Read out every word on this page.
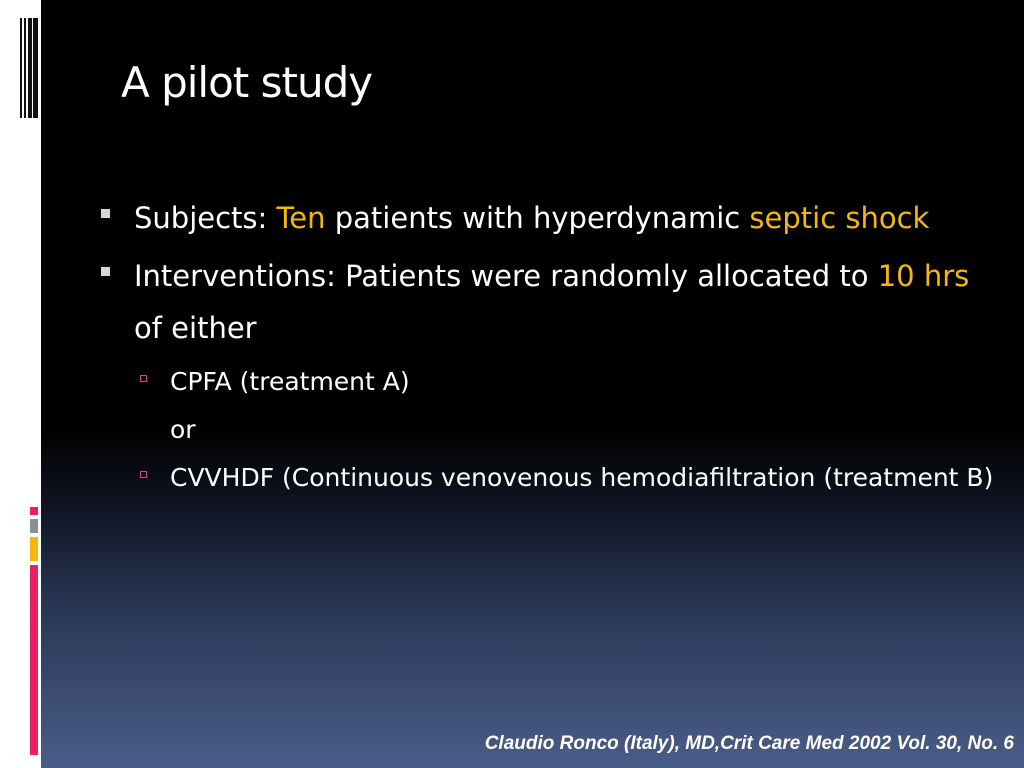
A pilot study
Subjects: Ten patients with hyperdynamic septic shock
Interventions: Patients were randomly allocated to 10 hrs of either
CPFA (treatment A)
or
CVVHDF (Continuous venovenous hemodiafiltration (treatment B)

Claudio Ronco (Italy), MD,Crit Care Med 2002 Vol. 30, No. 6
